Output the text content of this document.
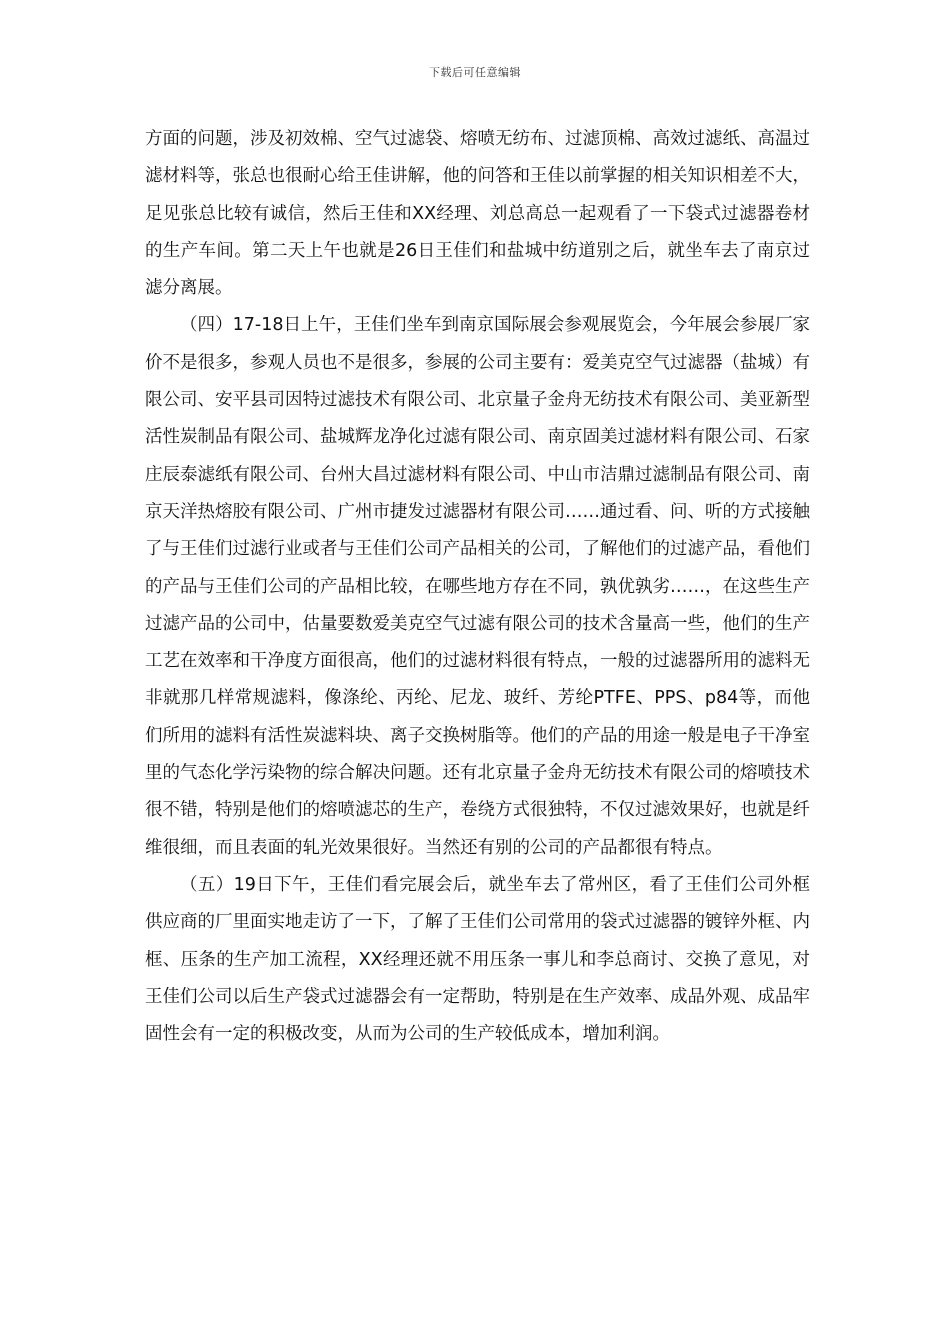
下载后可任意编辑

方面的问题，涉及初效棉、空气过滤袋、熔喷无纺布、过滤顶棉、高效过滤纸、高温过滤材料等，张总也很耐心给王佳讲解，他的问答和王佳以前掌握的相关知识相差不大，足见张总比较有诚信，然后王佳和XX经理、刘总高总一起观看了一下袋式过滤器卷材的生产车间。第二天上午也就是26日王佳们和盐城中纺道别之后，就坐车去了南京过滤分离展。

（四）17-18日上午，王佳们坐车到南京国际展会参观展览会，今年展会参展厂家价不是很多，参观人员也不是很多，参展的公司主要有：爱美克空气过滤器（盐城）有限公司、安平县司因特过滤技术有限公司、北京量子金舟无纺技术有限公司、美亚新型活性炭制品有限公司、盐城辉龙净化过滤有限公司、南京固美过滤材料有限公司、石家庄辰泰滤纸有限公司、台州大昌过滤材料有限公司、中山市洁鼎过滤制品有限公司、南京天洋热熔胶有限公司、广州市捷发过滤器材有限公司……通过看、问、听的方式接触了与王佳们过滤行业或者与王佳们公司产品相关的公司，了解他们的过滤产品，看他们的产品与王佳们公司的产品相比较，在哪些地方存在不同，孰优孰劣……，在这些生产过滤产品的公司中，估量要数爱美克空气过滤有限公司的技术含量高一些，他们的生产工艺在效率和干净度方面很高，他们的过滤材料很有特点，一般的过滤器所用的滤料无非就那几样常规滤料，像涤纶、丙纶、尼龙、玻纤、芳纶PTFE、PPS、p84等，而他们所用的滤料有活性炭滤料块、离子交换树脂等。他们的产品的用途一般是电子干净室里的气态化学污染物的综合解决问题。还有北京量子金舟无纺技术有限公司的熔喷技术很不错，特别是他们的熔喷滤芯的生产，卷绕方式很独特，不仅过滤效果好，也就是纤维很细，而且表面的轧光效果很好。当然还有别的公司的产品都很有特点。

（五）19日下午，王佳们看完展会后，就坐车去了常州区，看了王佳们公司外框供应商的厂里面实地走访了一下，了解了王佳们公司常用的袋式过滤器的镀锌外框、内框、压条的生产加工流程，XX经理还就不用压条一事儿和李总商讨、交换了意见，对王佳们公司以后生产袋式过滤器会有一定帮助，特别是在生产效率、成品外观、成品牢固性会有一定的积极改变，从而为公司的生产较低成本，增加利润。
